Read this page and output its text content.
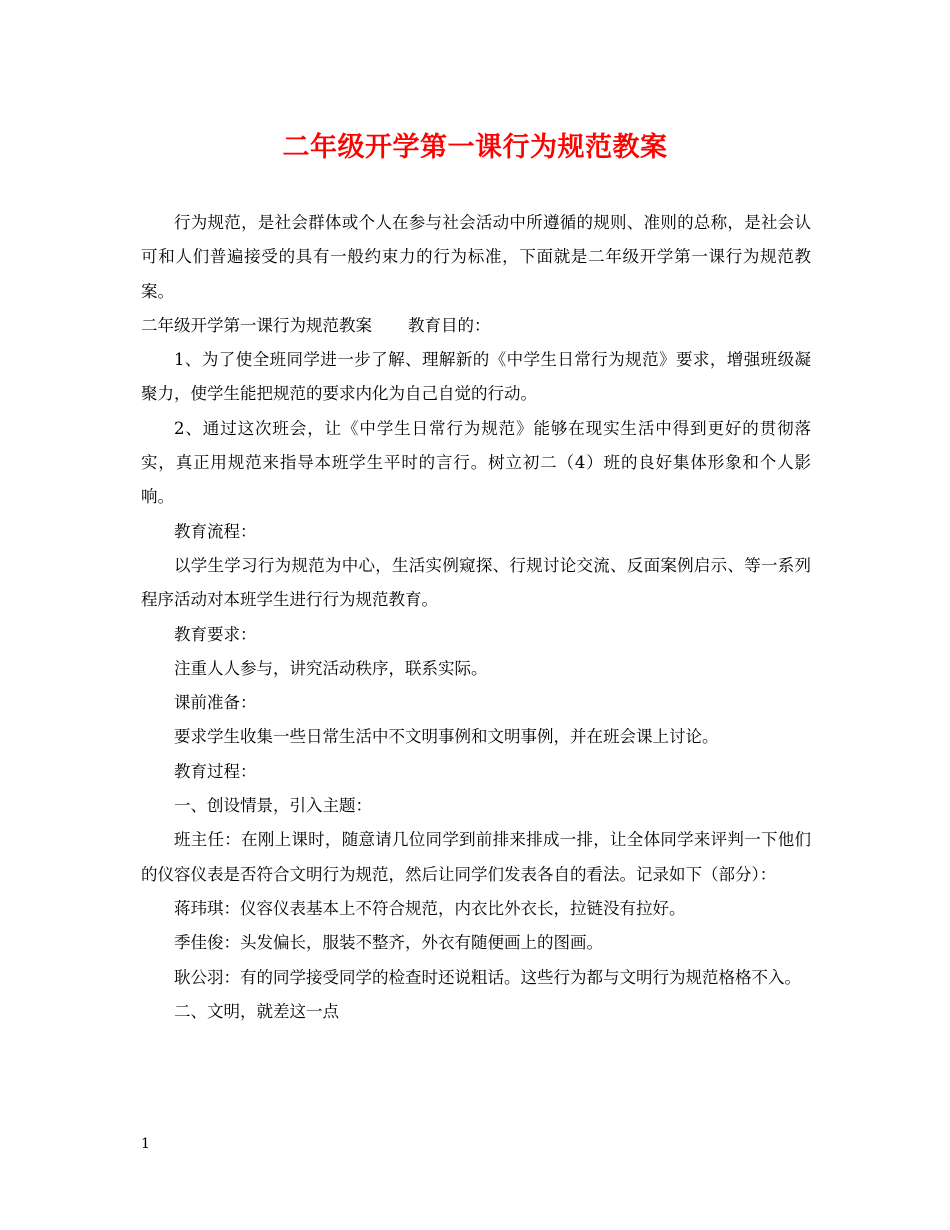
二年级开学第一课行为规范教案

行为规范，是社会群体或个人在参与社会活动中所遵循的规则、准则的总称，是社会认可和人们普遍接受的具有一般约束力的行为标准，下面就是二年级开学第一课行为规范教案。

二年级开学第一课行为规范教案 教育目的：

1、为了使全班同学进一步了解、理解新的《中学生日常行为规范》要求，增强班级凝聚力，使学生能把规范的要求内化为自己自觉的行动。

2、通过这次班会，让《中学生日常行为规范》能够在现实生活中得到更好的贯彻落实，真正用规范来指导本班学生平时的言行。树立初二（4）班的良好集体形象和个人影响。

教育流程：

以学生学习行为规范为中心，生活实例窥探、行规讨论交流、反面案例启示、等一系列程序活动对本班学生进行行为规范教育。

教育要求：

注重人人参与，讲究活动秩序，联系实际。

课前准备：

要求学生收集一些日常生活中不文明事例和文明事例，并在班会课上讨论。

教育过程：

一、创设情景，引入主题：

班主任：在刚上课时，随意请几位同学到前排来排成一排，让全体同学来评判一下他们的仪容仪表是否符合文明行为规范，然后让同学们发表各自的看法。记录如下（部分）：

蒋玮琪：仪容仪表基本上不符合规范，内衣比外衣长，拉链没有拉好。

季佳俊：头发偏长，服装不整齐，外衣有随便画上的图画。

耿公羽：有的同学接受同学的检查时还说粗话。这些行为都与文明行为规范格格不入。

二、文明，就差这一点

1
